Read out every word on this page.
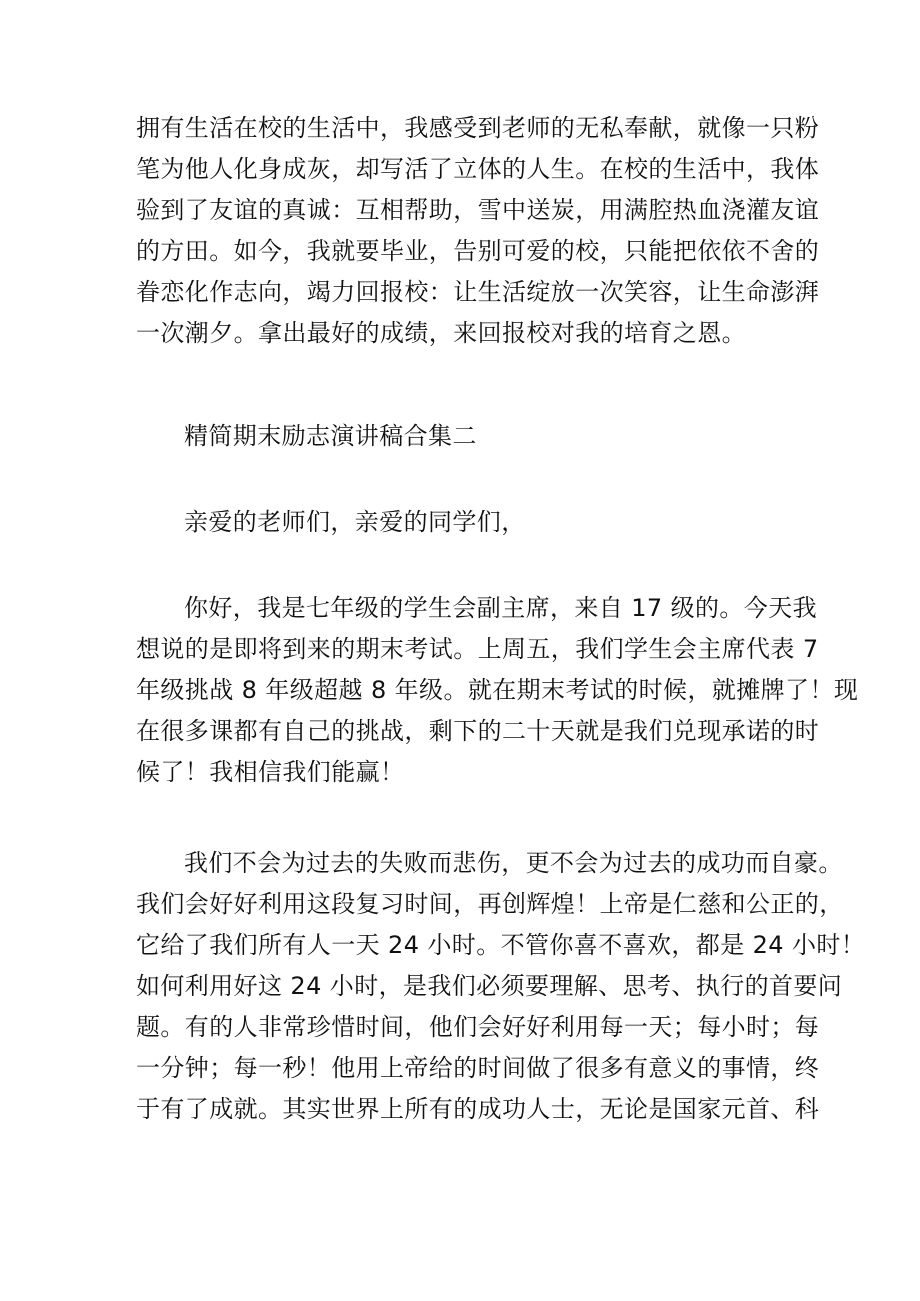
拥有生活在校的生活中，我感受到老师的无私奉献，就像一只粉
笔为他人化身成灰，却写活了立体的人生。在校的生活中，我体
验到了友谊的真诚：互相帮助，雪中送炭，用满腔热血浇灌友谊
的方田。如今，我就要毕业，告别可爱的校，只能把依依不舍的
眷恋化作志向，竭力回报校：让生活绽放一次笑容，让生命澎湃
一次潮夕。拿出最好的成绩，来回报校对我的培育之恩。
精简期末励志演讲稿合集二
亲爱的老师们，亲爱的同学们，
你好，我是七年级的学生会副主席，来自 17 级的。今天我
想说的是即将到来的期末考试。上周五，我们学生会主席代表 7
年级挑战 8 年级超越 8 年级。就在期末考试的时候，就摊牌了！现
在很多课都有自己的挑战，剩下的二十天就是我们兑现承诺的时
候了！我相信我们能赢！
我们不会为过去的失败而悲伤，更不会为过去的成功而自豪。
我们会好好利用这段复习时间，再创辉煌！上帝是仁慈和公正的，
它给了我们所有人一天 24 小时。不管你喜不喜欢，都是 24 小时！
如何利用好这 24 小时，是我们必须要理解、思考、执行的首要问
题。有的人非常珍惜时间，他们会好好利用每一天；每小时；每
一分钟；每一秒！他用上帝给的时间做了很多有意义的事情，终
于有了成就。其实世界上所有的成功人士，无论是国家元首、科
